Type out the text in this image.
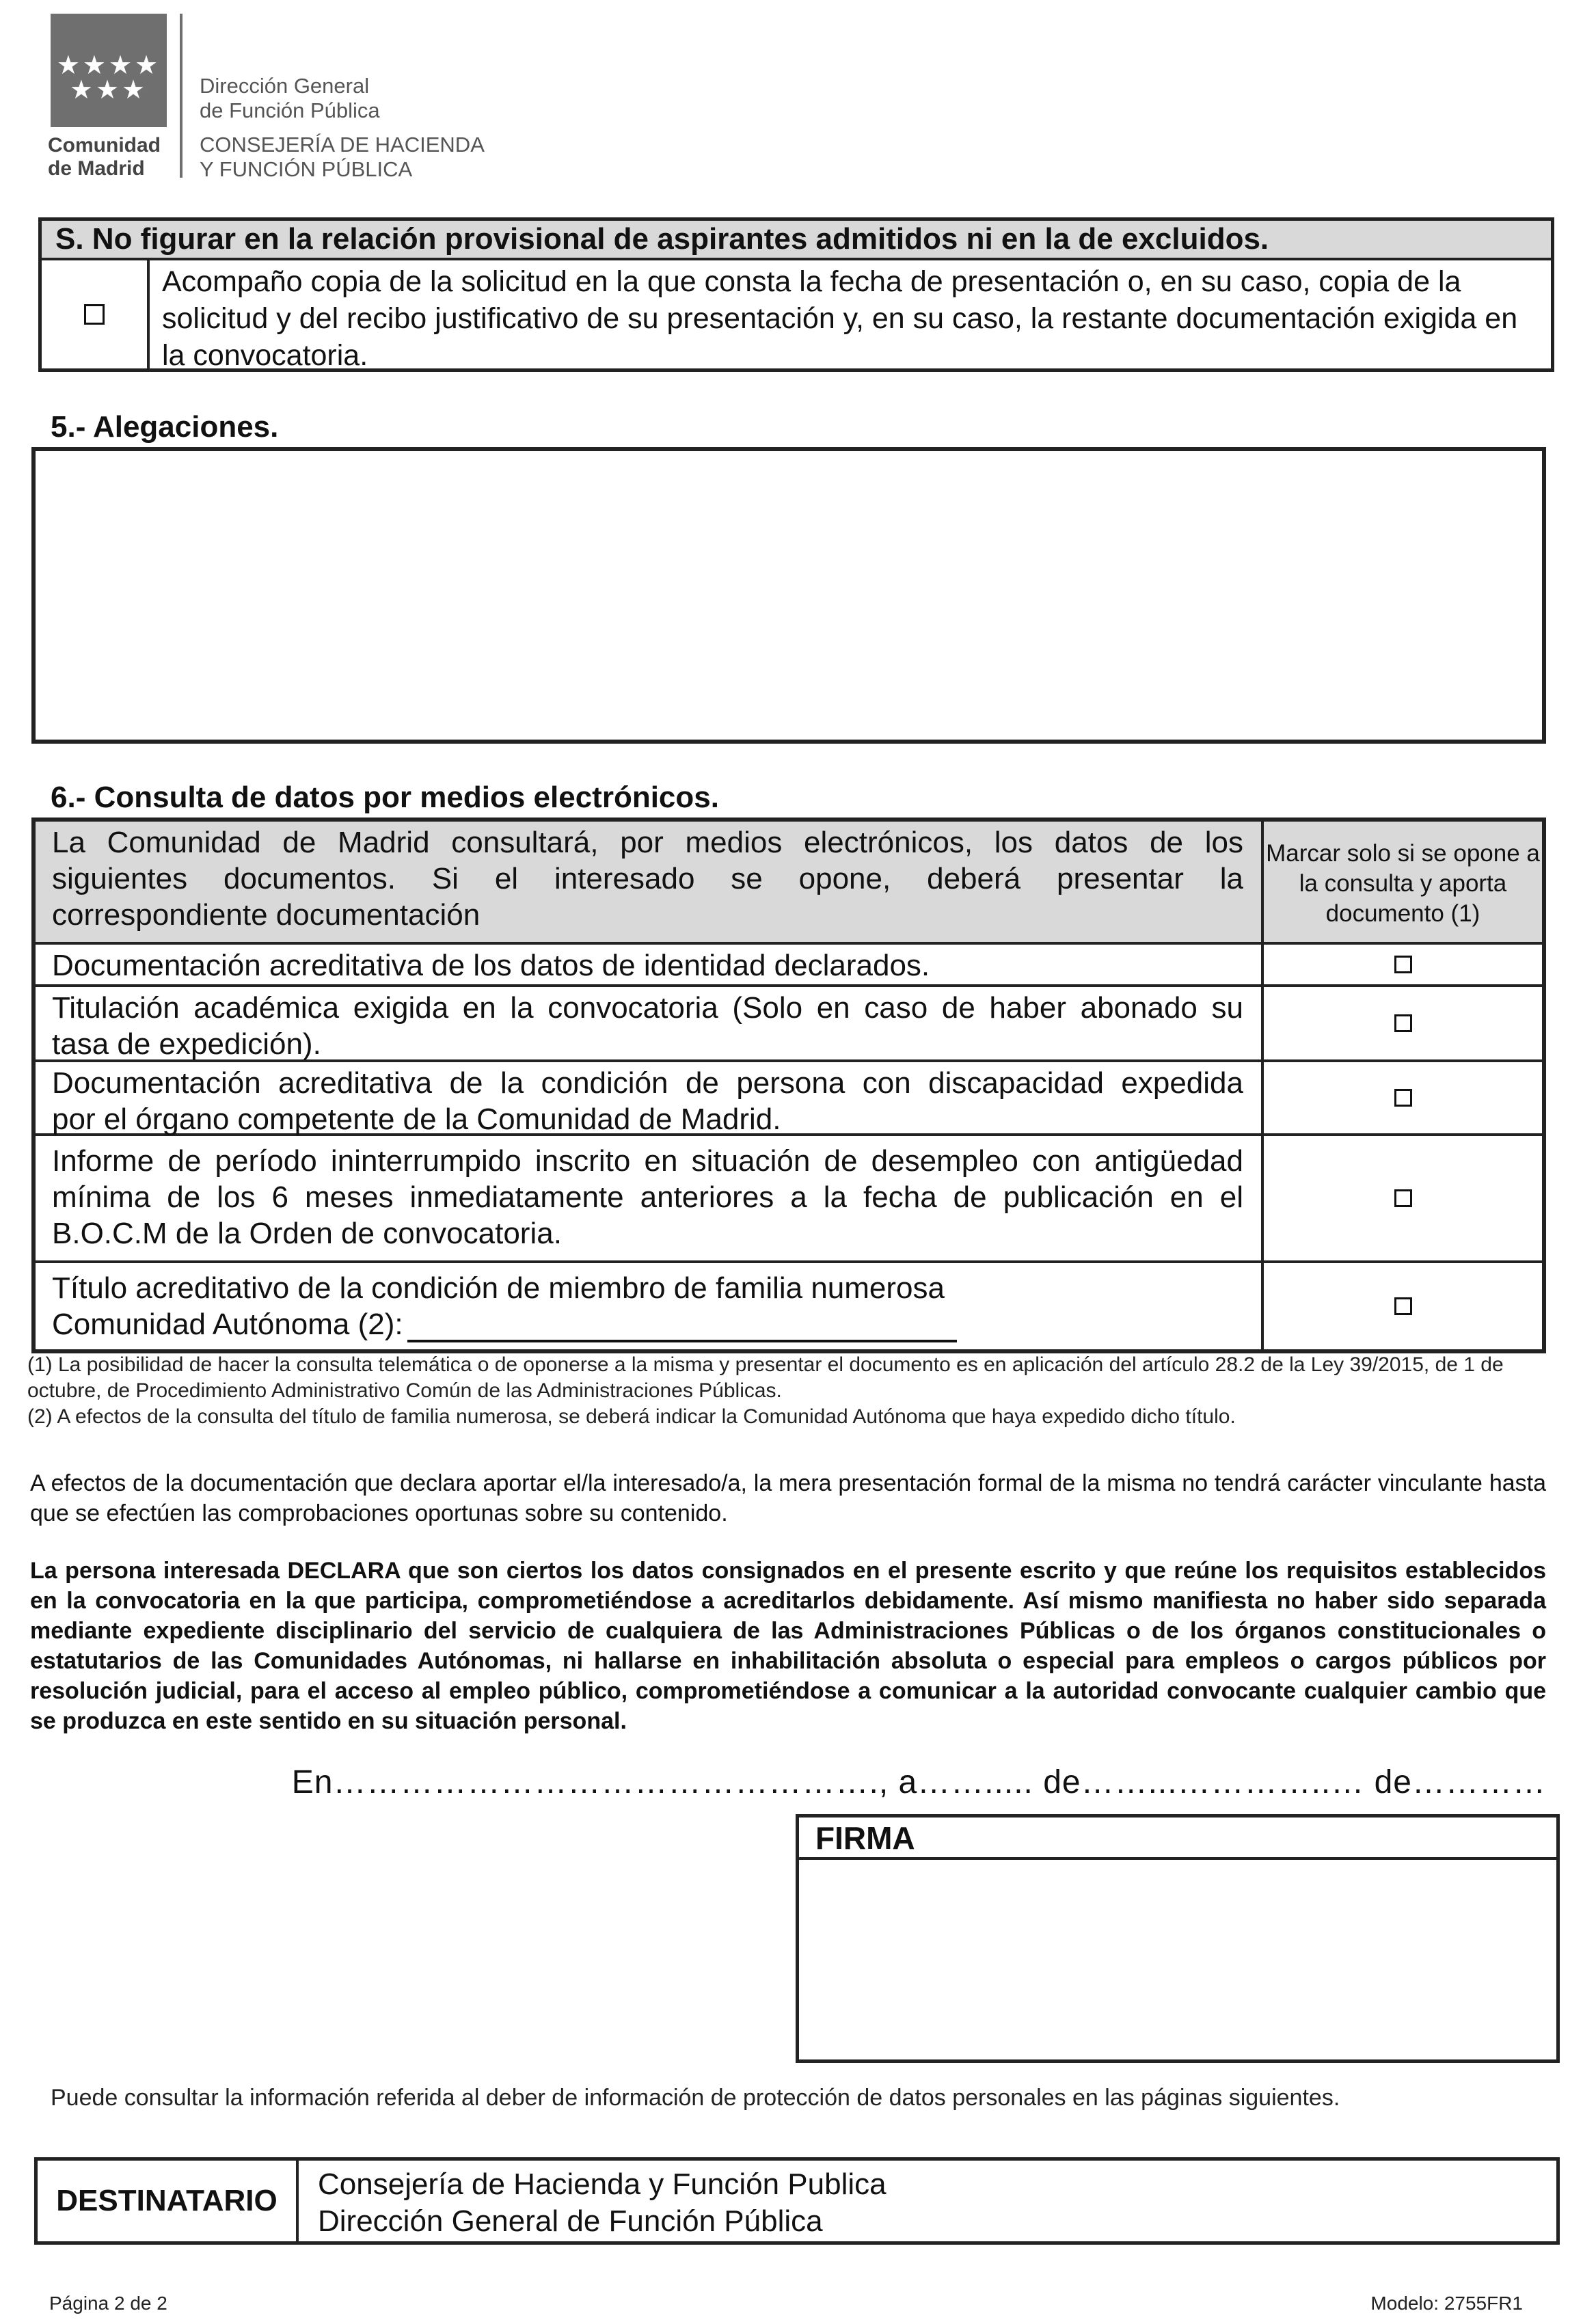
★★★★
★★★
Comunidad
de Madrid
Dirección General
de Función Pública
CONSEJERÍA DE HACIENDA
Y FUNCIÓN PÚBLICA
S. No figurar en la relación provisional de aspirantes admitidos ni en la de excluidos.
Acompaño copia de la solicitud en la que consta la fecha de presentación o, en su caso, copia de la solicitud y del recibo justificativo de su presentación y, en su caso, la restante documentación exigida en la convocatoria.
5.- Alegaciones.
6.- Consulta de datos por medios electrónicos.
La Comunidad de Madrid consultará, por medios electrónicos, los datos de los
siguientes documentos. Si el interesado se opone, deberá presentar la
correspondiente documentación
Marcar solo si se opone a la consulta y aporta documento (1)
Documentación acreditativa de los datos de identidad declarados.
Titulación académica exigida en la convocatoria (Solo en caso de haber abonado su
tasa de expedición).
Documentación acreditativa de la condición de persona con discapacidad expedida
por el órgano competente de la Comunidad de Madrid.
Informe de período ininterrumpido inscrito en situación de desempleo con antigüedad
mínima de los 6 meses inmediatamente anteriores a la fecha de publicación en el
B.O.C.M de la Orden de convocatoria.
Título acreditativo de la condición de miembro de familia numerosa
Comunidad Autónoma (2):
(1) La posibilidad de hacer la consulta telemática o de oponerse a la misma y presentar el documento es en aplicación del artículo 28.2 de la Ley 39/2015, de 1 de octubre, de Procedimiento Administrativo Común de las Administraciones Públicas.
(2) A efectos de la consulta del título de familia numerosa, se deberá indicar la Comunidad Autónoma que haya expedido dicho título.
A efectos de la documentación que declara aportar el/la interesado/a, la mera presentación formal de la misma no tendrá carácter vinculante hasta que se efectúen las comprobaciones oportunas sobre su contenido.
La persona interesada DECLARA que son ciertos los datos consignados en el presente escrito y que reúne los requisitos establecidos en la convocatoria en la que participa, comprometiéndose a acreditarlos debidamente. Así mismo manifiesta no haber sido separada mediante expediente disciplinario del servicio de cualquiera de las Administraciones Públicas o de los órganos constitucionales o estatutarios de las Comunidades Autónomas, ni hallarse en inhabilitación absoluta o especial para empleos o cargos públicos por resolución judicial, para el acceso al empleo público, comprometiéndose a comunicar a la autoridad convocante cualquier cambio que se produzca en este sentido en su situación personal.
En…………………………………………., a……..... de……...…………..… de…………
FIRMA
Puede consultar la información referida al deber de información de protección de datos personales en las páginas siguientes.
DESTINATARIO	Consejería de Hacienda y Función Publica
Dirección General de Función Pública
Página 2 de 2	Modelo: 2755FR1
